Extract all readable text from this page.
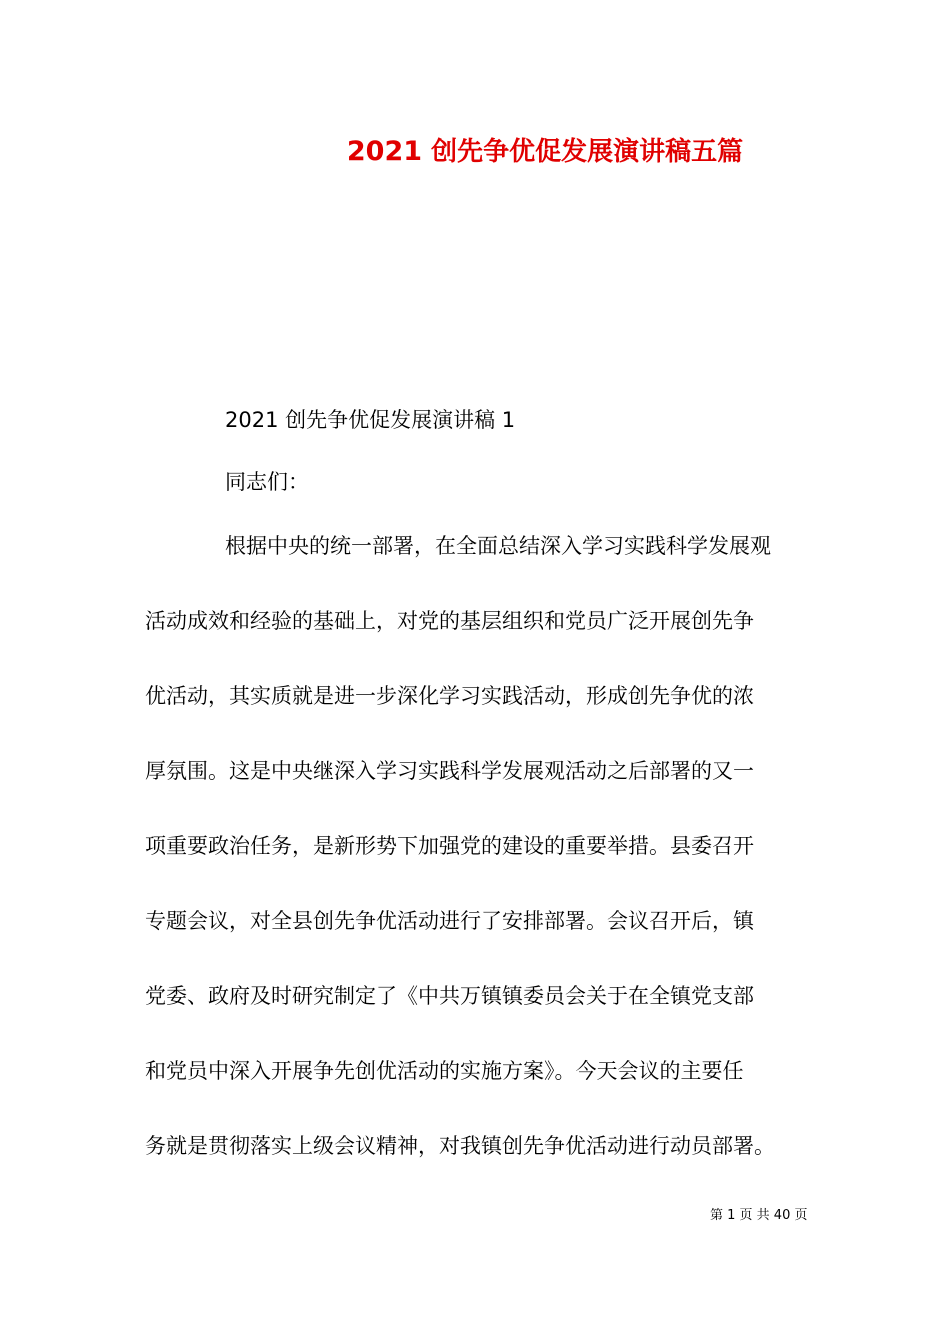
2021 创先争优促发展演讲稿五篇
2021 创先争优促发展演讲稿 1
同志们：
根据中央的统一部署，在全面总结深入学习实践科学发展观
活动成效和经验的基础上，对党的基层组织和党员广泛开展创先争
优活动，其实质就是进一步深化学习实践活动，形成创先争优的浓
厚氛围。这是中央继深入学习实践科学发展观活动之后部署的又一
项重要政治任务，是新形势下加强党的建设的重要举措。县委召开
专题会议，对全县创先争优活动进行了安排部署。会议召开后，镇
党委、政府及时研究制定了《中共万镇镇委员会关于在全镇党支部
和党员中深入开展争先创优活动的实施方案》。今天会议的主要任
务就是贯彻落实上级会议精神，对我镇创先争优活动进行动员部署。
第 1 页 共 40 页
